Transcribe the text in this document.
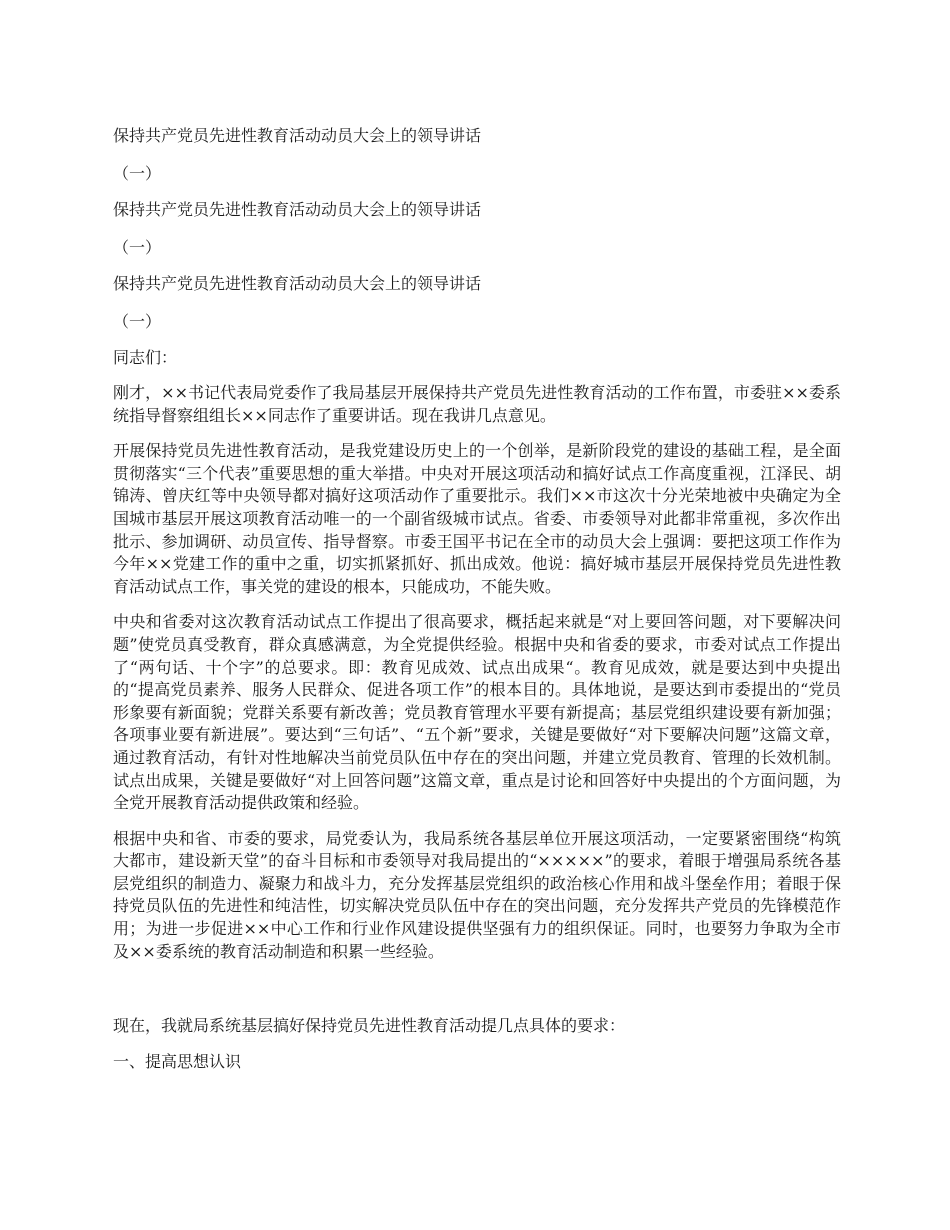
保持共产党员先进性教育活动动员大会上的领导讲话

（一）

保持共产党员先进性教育活动动员大会上的领导讲话

（一）

保持共产党员先进性教育活动动员大会上的领导讲话

（一）

同志们：

刚才，××书记代表局党委作了我局基层开展保持共产党员先进性教育活动的工作布置，市委驻××委系统指导督察组组长××同志作了重要讲话。现在我讲几点意见。

开展保持党员先进性教育活动，是我党建设历史上的一个创举，是新阶段党的建设的基础工程，是全面贯彻落实“三个代表”重要思想的重大举措。中央对开展这项活动和搞好试点工作高度重视，江泽民、胡锦涛、曾庆红等中央领导都对搞好这项活动作了重要批示。我们××市这次十分光荣地被中央确定为全国城市基层开展这项教育活动唯一的一个副省级城市试点。省委、市委领导对此都非常重视，多次作出批示、参加调研、动员宣传、指导督察。市委王国平书记在全市的动员大会上强调：要把这项工作作为今年××党建工作的重中之重，切实抓紧抓好、抓出成效。他说：搞好城市基层开展保持党员先进性教育活动试点工作，事关党的建设的根本，只能成功，不能失败。

中央和省委对这次教育活动试点工作提出了很高要求，概括起来就是“对上要回答问题，对下要解决问题”使党员真受教育，群众真感满意，为全党提供经验。根据中央和省委的要求，市委对试点工作提出了“两句话、十个字”的总要求。即：教育见成效、试点出成果“。教育见成效，就是要达到中央提出的“提高党员素养、服务人民群众、促进各项工作”的根本目的。具体地说，是要达到市委提出的“党员形象要有新面貌；党群关系要有新改善；党员教育管理水平要有新提高；基层党组织建设要有新加强；各项事业要有新进展”。要达到“三句话”、“五个新”要求，关键是要做好“对下要解决问题”这篇文章，通过教育活动，有针对性地解决当前党员队伍中存在的突出问题，并建立党员教育、管理的长效机制。试点出成果，关键是要做好“对上回答问题”这篇文章，重点是讨论和回答好中央提出的个方面问题，为全党开展教育活动提供政策和经验。

根据中央和省、市委的要求，局党委认为，我局系统各基层单位开展这项活动，一定要紧密围绕“构筑大都市，建设新天堂”的奋斗目标和市委领导对我局提出的“×××××”的要求，着眼于增强局系统各基层党组织的制造力、凝聚力和战斗力，充分发挥基层党组织的政治核心作用和战斗堡垒作用；着眼于保持党员队伍的先进性和纯洁性，切实解决党员队伍中存在的突出问题，充分发挥共产党员的先锋模范作用；为进一步促进××中心工作和行业作风建设提供坚强有力的组织保证。同时，也要努力争取为全市及××委系统的教育活动制造和积累一些经验。

现在，我就局系统基层搞好保持党员先进性教育活动提几点具体的要求：

一、提高思想认识
